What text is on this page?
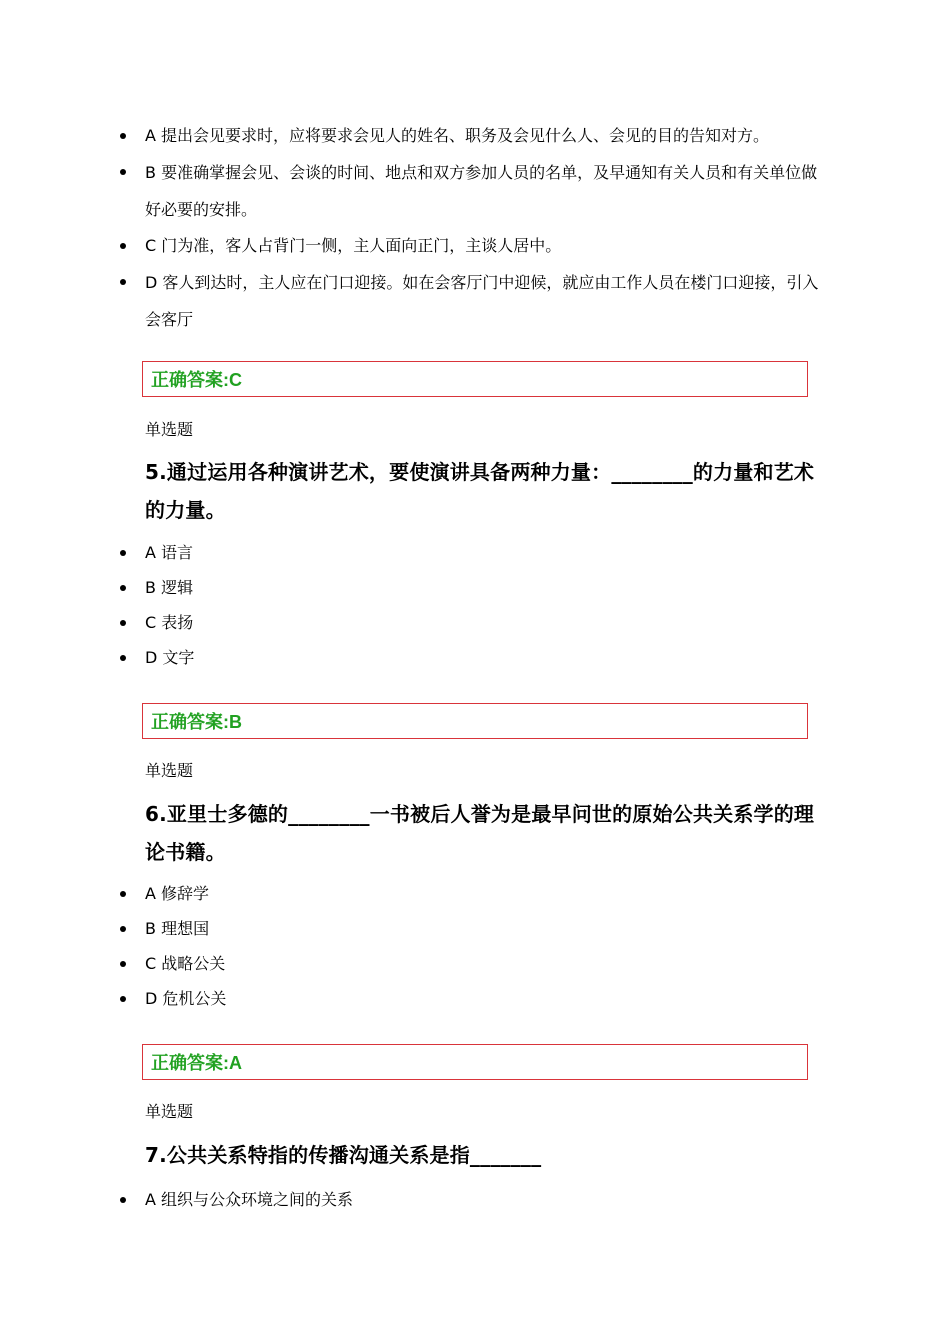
A 提出会见要求时，应将要求会见人的姓名、职务及会见什么人、会见的目的告知对方。
B 要准确掌握会见、会谈的时间、地点和双方参加人员的名单，及早通知有关人员和有关单位做好必要的安排。
C 门为准，客人占背门一侧，主人面向正门，主谈人居中。
D 客人到达时，主人应在门口迎接。如在会客厅门中迎候，就应由工作人员在楼门口迎接，引入会客厅
正确答案:C
单选题
5.通过运用各种演讲艺术，要使演讲具备两种力量：________的力量和艺术的力量。
A 语言
B 逻辑
C 表扬
D 文字
正确答案:B
单选题
6.亚里士多德的________一书被后人誉为是最早问世的原始公共关系学的理论书籍。
A 修辞学
B 理想国
C 战略公关
D 危机公关
正确答案:A
单选题
7.公共关系特指的传播沟通关系是指_______
A 组织与公众环境之间的关系
